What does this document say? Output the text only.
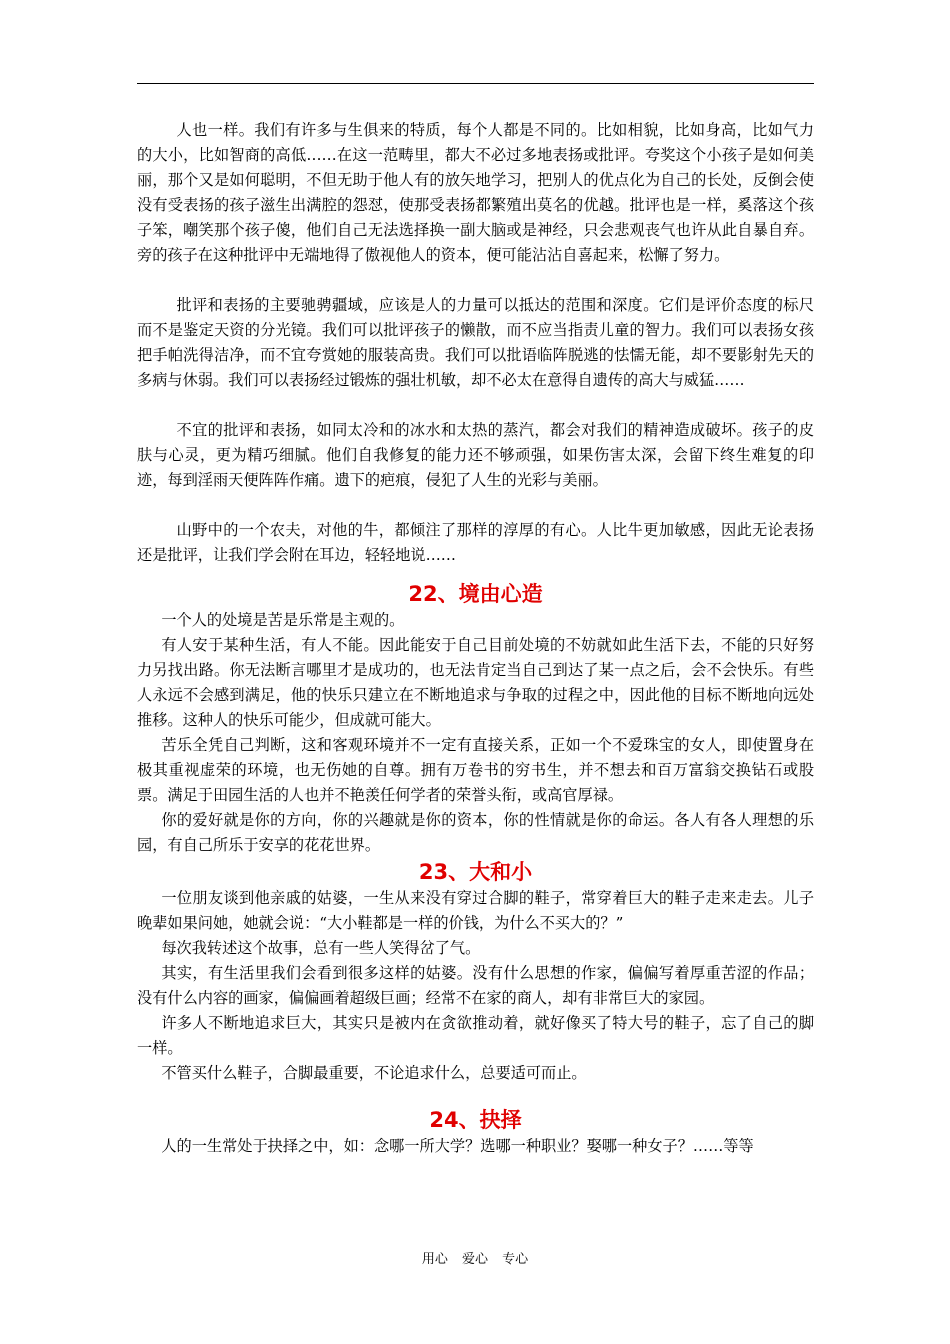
人也一样。我们有许多与生俱来的特质，每个人都是不同的。比如相貌，比如身高，比如气力的大小，比如智商的高低……在这一范畴里，都大不必过多地表扬或批评。夸奖这个小孩子是如何美丽，那个又是如何聪明，不但无助于他人有的放矢地学习，把别人的优点化为自己的长处，反倒会使没有受表扬的孩子滋生出满腔的怨怼，使那受表扬都繁殖出莫名的优越。批评也是一样，奚落这个孩子笨，嘲笑那个孩子傻，他们自己无法选择换一副大脑或是神经，只会悲观丧气也许从此自暴自弃。旁的孩子在这种批评中无端地得了傲视他人的资本，便可能沾沾自喜起来，松懈了努力。

批评和表扬的主要驰骋疆域，应该是人的力量可以抵达的范围和深度。它们是评价态度的标尺而不是鉴定天资的分光镜。我们可以批评孩子的懒散，而不应当指责儿童的智力。我们可以表扬女孩把手帕洗得洁净，而不宜夸赏她的服装高贵。我们可以批语临阵脱逃的怯懦无能，却不要影射先天的多病与休弱。我们可以表扬经过锻炼的强壮机敏，却不必太在意得自遗传的高大与威猛……

不宜的批评和表扬，如同太冷和的冰水和太热的蒸汽，都会对我们的精神造成破坏。孩子的皮肤与心灵，更为精巧细腻。他们自我修复的能力还不够顽强，如果伤害太深，会留下终生难复的印迹，每到淫雨天便阵阵作痛。遗下的疤痕，侵犯了人生的光彩与美丽。

山野中的一个农夫，对他的牛，都倾注了那样的淳厚的有心。人比牛更加敏感，因此无论表扬还是批评，让我们学会附在耳边，轻轻地说……

22、境由心造

一个人的处境是苦是乐常是主观的。

有人安于某种生活，有人不能。因此能安于自己目前处境的不妨就如此生活下去，不能的只好努力另找出路。你无法断言哪里才是成功的，也无法肯定当自己到达了某一点之后，会不会快乐。有些人永远不会感到满足，他的快乐只建立在不断地追求与争取的过程之中，因此他的目标不断地向远处推移。这种人的快乐可能少，但成就可能大。

苦乐全凭自己判断，这和客观环境并不一定有直接关系，正如一个不爱珠宝的女人，即使置身在极其重视虚荣的环境，也无伤她的自尊。拥有万卷书的穷书生，并不想去和百万富翁交换钻石或股票。满足于田园生活的人也并不艳羡任何学者的荣誉头衔，或高官厚禄。

你的爱好就是你的方向，你的兴趣就是你的资本，你的性情就是你的命运。各人有各人理想的乐园，有自己所乐于安享的花花世界。

23、大和小

一位朋友谈到他亲戚的姑婆，一生从来没有穿过合脚的鞋子，常穿着巨大的鞋子走来走去。儿子晚辈如果问她，她就会说：“大小鞋都是一样的价钱，为什么不买大的？”

每次我转述这个故事，总有一些人笑得岔了气。

其实，有生活里我们会看到很多这样的姑婆。没有什么思想的作家，偏偏写着厚重苦涩的作品；没有什么内容的画家，偏偏画着超级巨画；经常不在家的商人，却有非常巨大的家园。

许多人不断地追求巨大，其实只是被内在贪欲推动着，就好像买了特大号的鞋子，忘了自己的脚一样。

不管买什么鞋子，合脚最重要，不论追求什么，总要适可而止。

24、抉择

人的一生常处于抉择之中，如：念哪一所大学？选哪一种职业？娶哪一种女子？……等等

用心 爱心 专心
